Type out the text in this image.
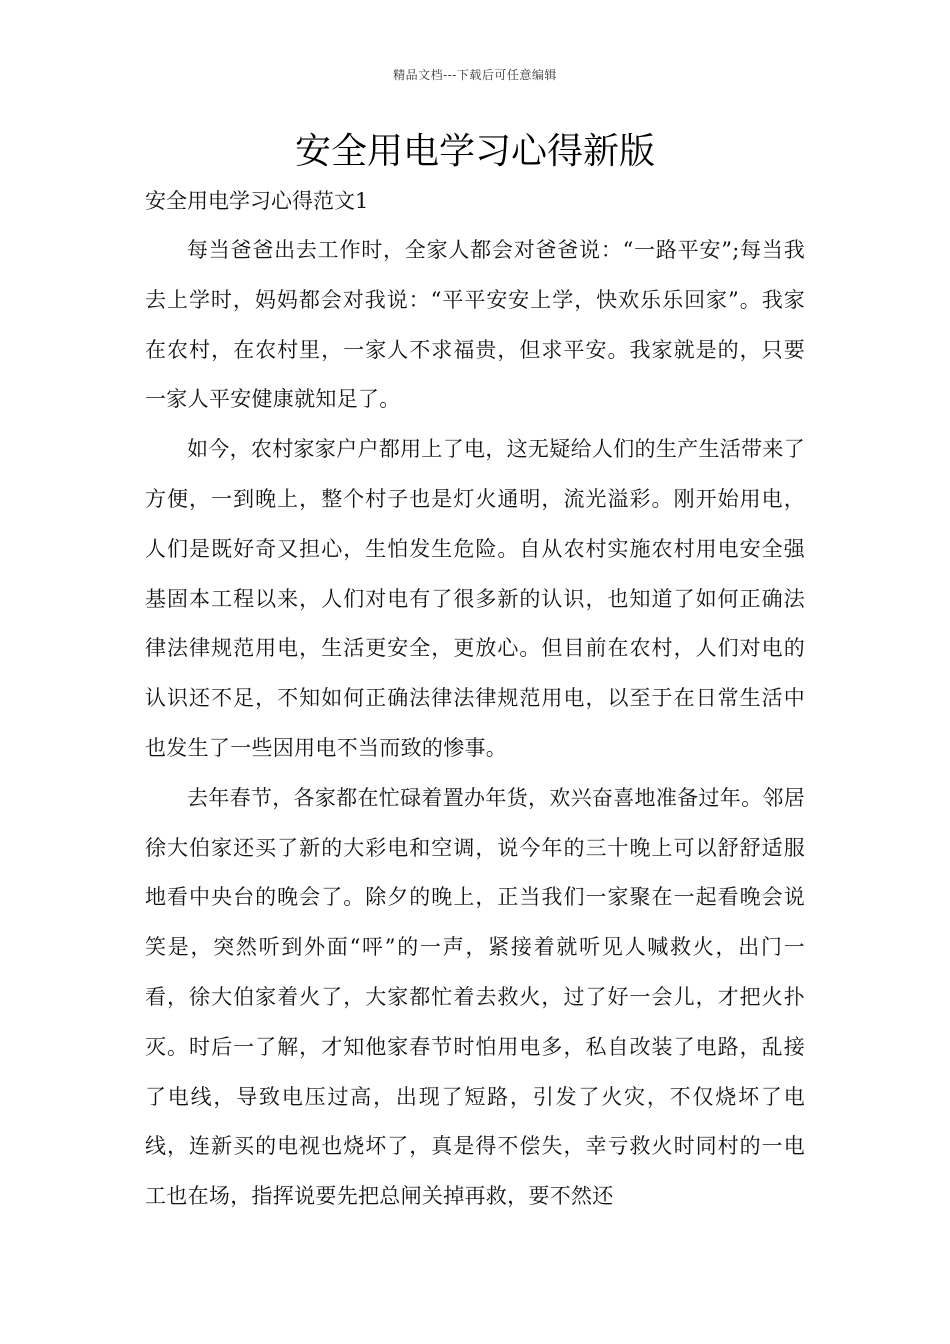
精品文档---下载后可任意编辑
安全用电学习心得新版
安全用电学习心得范文1

每当爸爸出去工作时，全家人都会对爸爸说：“一路平安”;每当我去上学时，妈妈都会对我说：“平平安安上学，快欢乐乐回家”。我家在农村，在农村里，一家人不求福贵，但求平安。我家就是的，只要一家人平安健康就知足了。

如今，农村家家户户都用上了电，这无疑给人们的生产生活带来了方便，一到晚上，整个村子也是灯火通明，流光溢彩。刚开始用电，人们是既好奇又担心，生怕发生危险。自从农村实施农村用电安全强基固本工程以来，人们对电有了很多新的认识，也知道了如何正确法律法律规范用电，生活更安全，更放心。但目前在农村，人们对电的认识还不足，不知如何正确法律法律规范用电，以至于在日常生活中也发生了一些因用电不当而致的惨事。

去年春节，各家都在忙碌着置办年货，欢兴奋喜地准备过年。邻居徐大伯家还买了新的大彩电和空调，说今年的三十晚上可以舒舒适服地看中央台的晚会了。除夕的晚上，正当我们一家聚在一起看晚会说笑是，突然听到外面“呯”的一声，紧接着就听见人喊救火，出门一看，徐大伯家着火了，大家都忙着去救火，过了好一会儿，才把火扑灭。时后一了解，才知他家春节时怕用电多，私自改装了电路，乱接了电线，导致电压过高，出现了短路，引发了火灾，不仅烧坏了电线，连新买的电视也烧坏了，真是得不偿失，幸亏救火时同村的一电工也在场，指挥说要先把总闸关掉再救，要不然还
